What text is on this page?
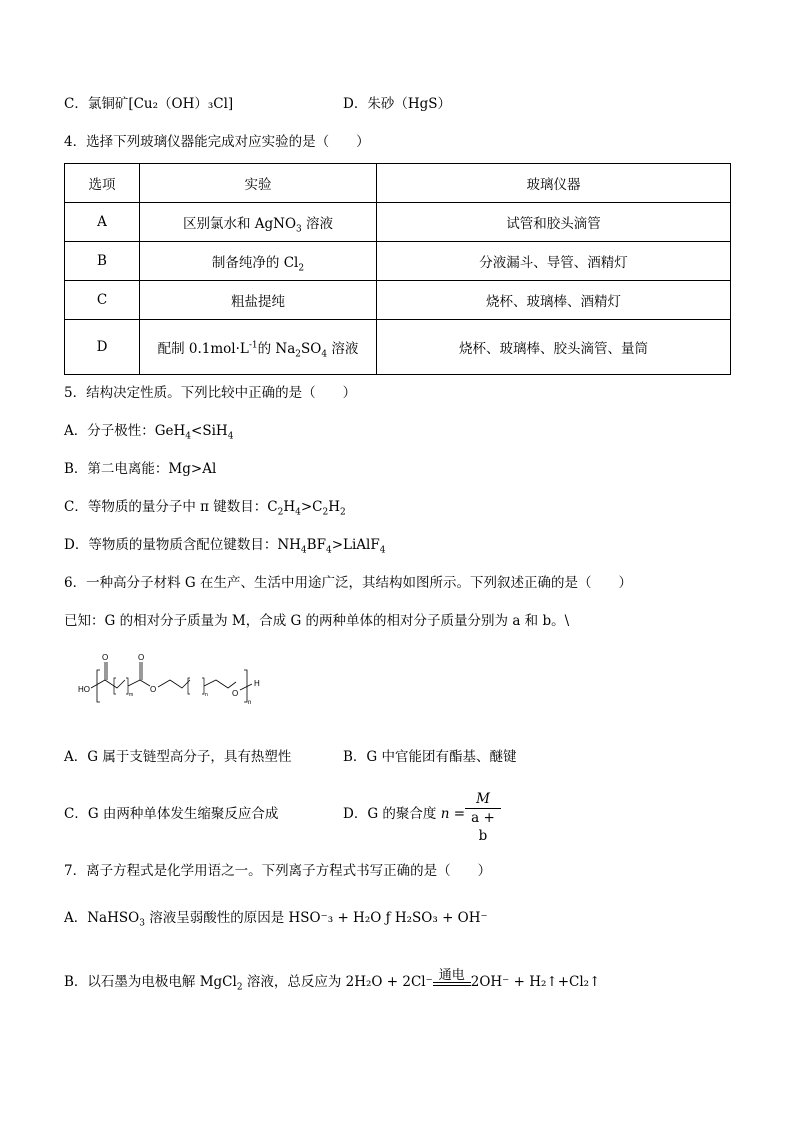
C．氯铜矿[Cu₂（OH）₃Cl]	D．朱砂（HgS）
4．选择下列玻璃仪器能完成对应实验的是（　　）
选项	实验	玻璃仪器
A	区别氯水和 AgNO$_3$ 溶液	试管和胶头滴管
B	制备纯净的 $Cl_2$	分液漏斗、导管、酒精灯
C	粗盐提纯	烧杯、玻璃棒、酒精灯
D	配制 $0.1mol\cdot L^{-1}$的 $Na_2SO_4$ 溶液	烧杯、玻璃棒、胶头滴管、量筒
5．结构决定性质。下列比较中正确的是（　　）
A．分子极性：GeH$_4$<SiH$_4$
B．第二电离能：Mg>Al
C．等物质的量分子中 π 键数目：$C_2H_4>C_2H_2$
D．等物质的量物质含配位键数目：$NH_4BF_4>LiAlF_4$
6．一种高分子材料 G 在生产、生活中用途广泛，其结构如图所示。下列叙述正确的是（　　）
已知：G 的相对分子质量为 M，合成 G 的两种单体的相对分子质量分别为 a 和 b。\
HO
H
n
O
m
O
O
n	O
A．G 属于支链型高分子，具有热塑性	B．G 中官能团有酯基、醚键
C．G 由两种单体发生缩聚反应合成	D．G 的聚合度 $n = \frac{M}{a + b}$
7．离子方程式是化学用语之一。下列离子方程式书写正确的是（　　）
A．NaHSO$_3$ 溶液呈弱酸性的原因是 HSO⁻₃ + H₂O ƒ H₂SO₃ + OH⁻
B．以石墨为电极电解 MgCl$_2$ 溶液，总反应为 2H₂O + 2Cl⁻ 通电 2OH⁻ + H₂↑+Cl₂↑
